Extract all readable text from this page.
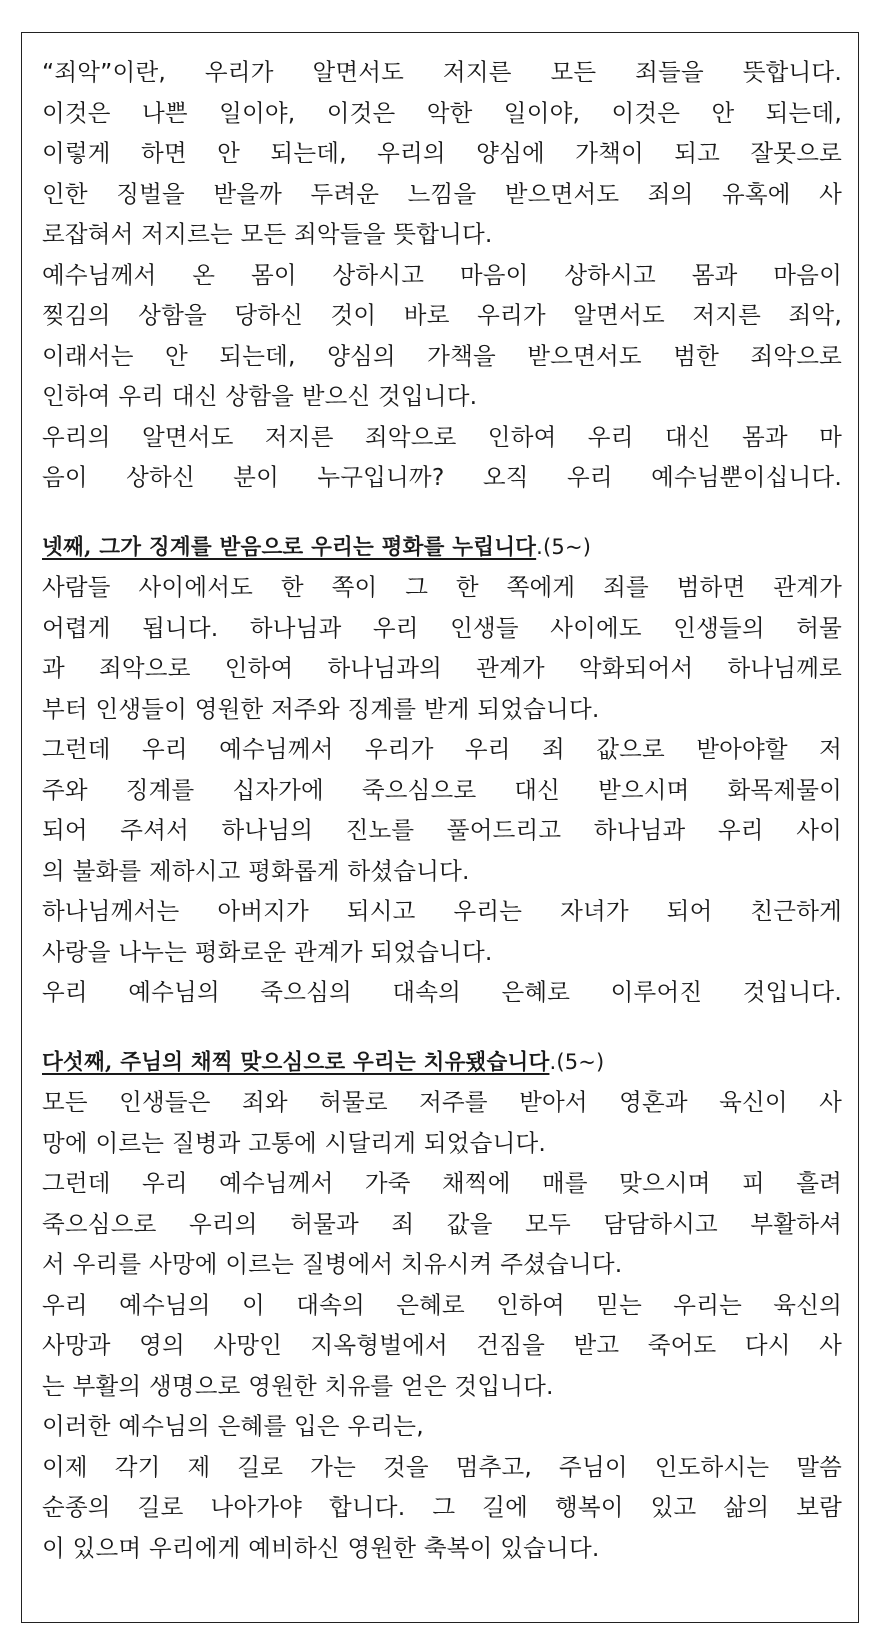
“죄악”이란, 우리가 알면서도 저지른 모든 죄들을 뜻합니다.
이것은 나쁜 일이야, 이것은 악한 일이야, 이것은 안 되는데,
이렇게 하면 안 되는데, 우리의 양심에 가책이 되고 잘못으로
인한 징벌을 받을까 두려운 느낌을 받으면서도 죄의 유혹에 사
로잡혀서 저지르는 모든 죄악들을 뜻합니다.
예수님께서 온 몸이 상하시고 마음이 상하시고 몸과 마음이
찢김의 상함을 당하신 것이 바로 우리가 알면서도 저지른 죄악,
이래서는 안 되는데, 양심의 가책을 받으면서도 범한 죄악으로
인하여 우리 대신 상함을 받으신 것입니다.
우리의 알면서도 저지른 죄악으로 인하여 우리 대신 몸과 마
음이 상하신 분이 누구입니까? 오직 우리 예수님뿐이십니다.
넷째, 그가 징계를 받음으로 우리는 평화를 누립니다.(5~)
사람들 사이에서도 한 쪽이 그 한 쪽에게 죄를 범하면 관계가
어렵게 됩니다. 하나님과 우리 인생들 사이에도 인생들의 허물
과 죄악으로 인하여 하나님과의 관계가 악화되어서 하나님께로
부터 인생들이 영원한 저주와 징계를 받게 되었습니다.
그런데 우리 예수님께서 우리가 우리 죄 값으로 받아야할 저
주와 징계를 십자가에 죽으심으로 대신 받으시며 화목제물이
되어 주셔서 하나님의 진노를 풀어드리고 하나님과 우리 사이
의 불화를 제하시고 평화롭게 하셨습니다.
하나님께서는 아버지가 되시고 우리는 자녀가 되어 친근하게
사랑을 나누는 평화로운 관계가 되었습니다.
우리 예수님의 죽으심의 대속의 은혜로 이루어진 것입니다.
다섯째, 주님의 채찍 맞으심으로 우리는 치유됐습니다.(5~)
모든 인생들은 죄와 허물로 저주를 받아서 영혼과 육신이 사
망에 이르는 질병과 고통에 시달리게 되었습니다.
그런데 우리 예수님께서 가죽 채찍에 매를 맞으시며 피 흘려
죽으심으로 우리의 허물과 죄 값을 모두 담담하시고 부활하셔
서 우리를 사망에 이르는 질병에서 치유시켜 주셨습니다.
우리 예수님의 이 대속의 은혜로 인하여 믿는 우리는 육신의
사망과 영의 사망인 지옥형벌에서 건짐을 받고 죽어도 다시 사
는 부활의 생명으로 영원한 치유를 얻은 것입니다.
이러한 예수님의 은혜를 입은 우리는,
이제 각기 제 길로 가는 것을 멈추고, 주님이 인도하시는 말씀
순종의 길로 나아가야 합니다. 그 길에 행복이 있고 삶의 보람
이 있으며 우리에게 예비하신 영원한 축복이 있습니다.
